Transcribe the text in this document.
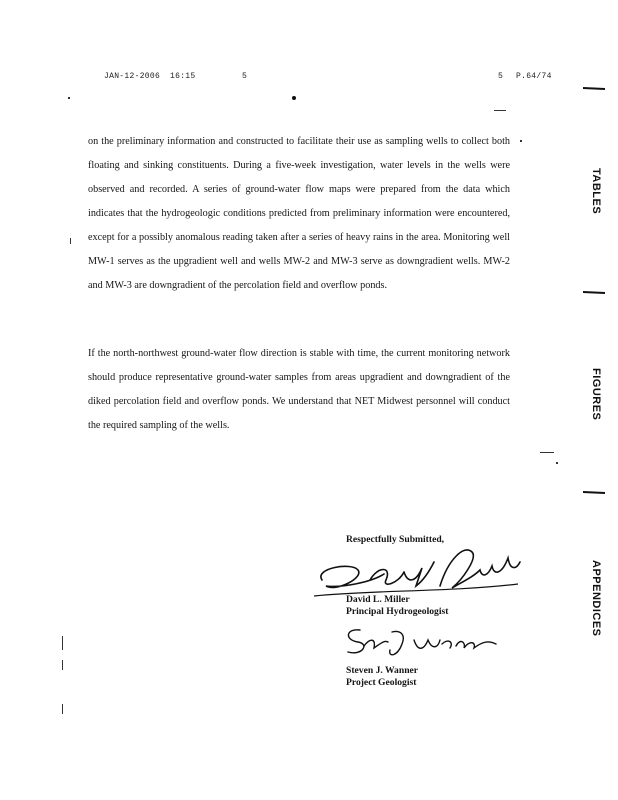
JAN-12-2006 16:15	5	5 P.64/74

on the preliminary information and constructed to facilitate their use as sampling wells to collect both floating and sinking constituents. During a five-week investigation, water levels in the wells were observed and recorded. A series of ground-water flow maps were prepared from the data which indicates that the hydrogeologic conditions predicted from preliminary information were encountered, except for a possibly anomalous reading taken after a series of heavy rains in the area. Monitoring well MW-1 serves as the upgradient well and wells MW-2 and MW-3 serve as downgradient wells. MW-2 and MW-3 are downgradient of the percolation field and overflow ponds.

If the north-northwest ground-water flow direction is stable with time, the current monitoring network should produce representative ground-water samples from areas upgradient and downgradient of the diked percolation field and overflow ponds. We understand that NET Midwest personnel will conduct the required sampling of the wells.

Respectfully Submitted,
David L. Miller
Principal Hydrogeologist
Steven J. Wanner
Project Geologist
TABLES
FIGURES
APPENDICES
